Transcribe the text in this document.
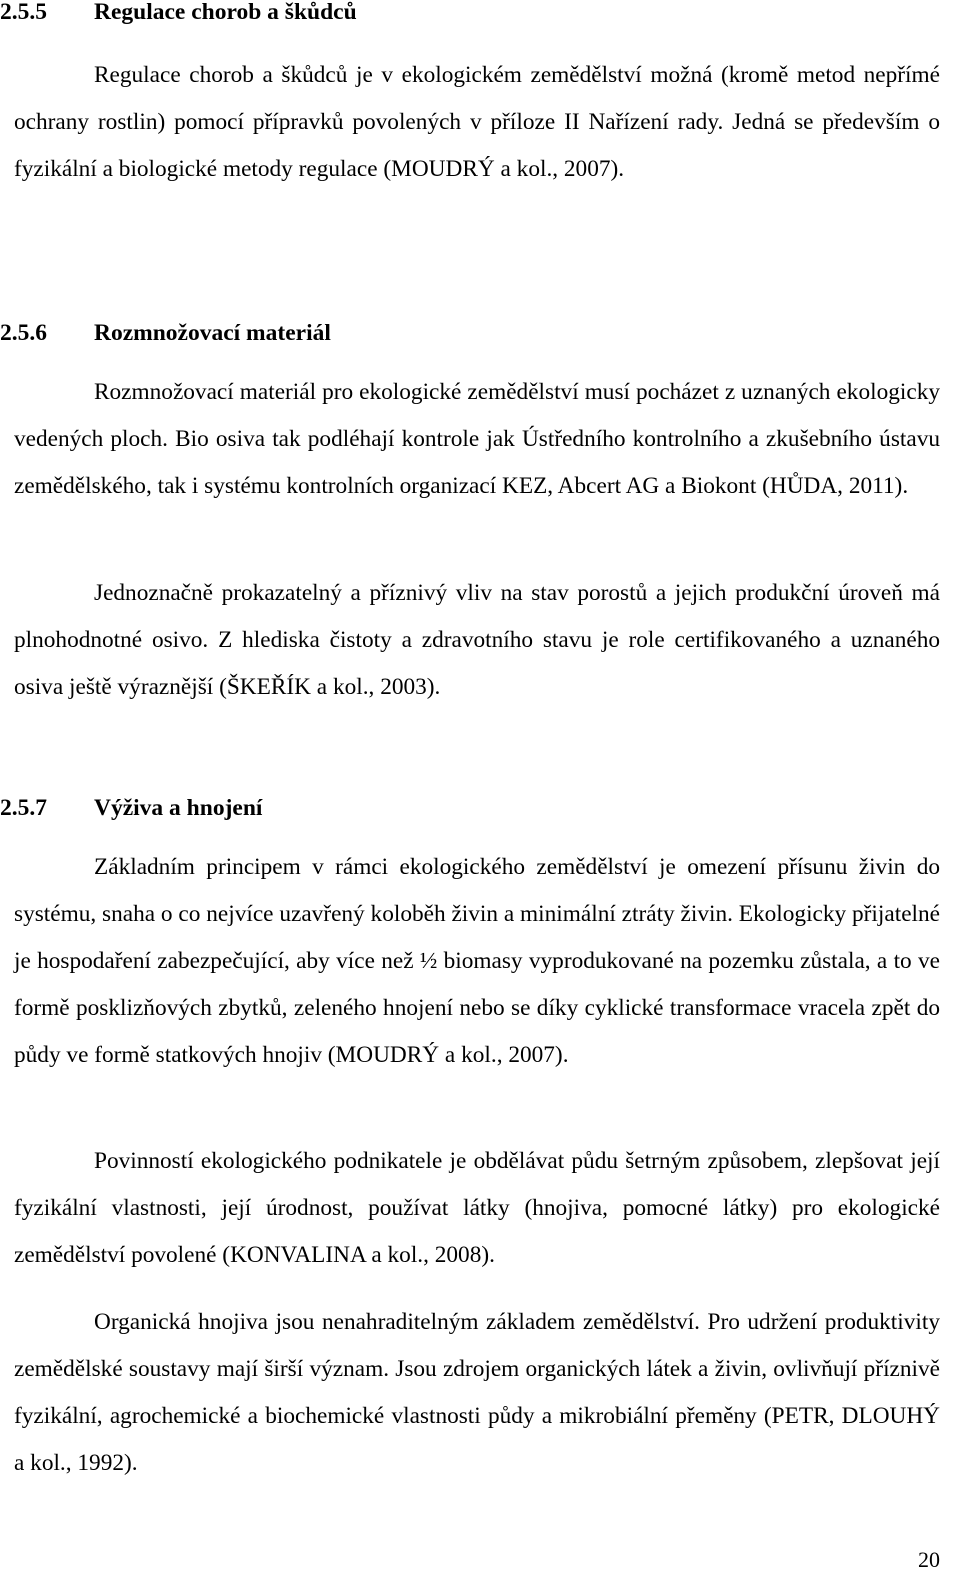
2.5.5 Regulace chorob a škůdců

Regulace chorob a škůdců je v ekologickém zemědělství možná (kromě metod nepřímé ochrany rostlin) pomocí přípravků povolených v příloze II Nařízení rady. Jedná se především o fyzikální a biologické metody regulace (MOUDRÝ a kol., 2007).

2.5.6 Rozmnožovací materiál

Rozmnožovací materiál pro ekologické zemědělství musí pocházet z uznaných ekologicky vedených ploch. Bio osiva tak podléhají kontrole jak Ústředního kontrolního a zkušebního ústavu zemědělského, tak i systému kontrolních organizací KEZ, Abcert AG a Biokont (HŮDA, 2011).

Jednoznačně prokazatelný a příznivý vliv na stav porostů a jejich produkční úroveň má plnohodnotné osivo. Z hlediska čistoty a zdravotního stavu je role certifikovaného a uznaného osiva ještě výraznější (ŠKEŘÍK a kol., 2003).

2.5.7 Výživa a hnojení

Základním principem v rámci ekologického zemědělství je omezení přísunu živin do systému, snaha o co nejvíce uzavřený koloběh živin a minimální ztráty živin. Ekologicky přijatelné je hospodaření zabezpečující, aby více než ½ biomasy vyprodukované na pozemku zůstala, a to ve formě posklizňových zbytků, zeleného hnojení nebo se díky cyklické transformace vracela zpět do půdy ve formě statkových hnojiv (MOUDRÝ a kol., 2007).

Povinností ekologického podnikatele je obdělávat půdu šetrným způsobem, zlepšovat její fyzikální vlastnosti, její úrodnost, používat látky (hnojiva, pomocné látky) pro ekologické zemědělství povolené (KONVALINA a kol., 2008).

Organická hnojiva jsou nenahraditelným základem zemědělství. Pro udržení produktivity zemědělské soustavy mají širší význam. Jsou zdrojem organických látek a živin, ovlivňují příznivě fyzikální, agrochemické a biochemické vlastnosti půdy a mikrobiální přeměny (PETR, DLOUHÝ a kol., 1992).

20
